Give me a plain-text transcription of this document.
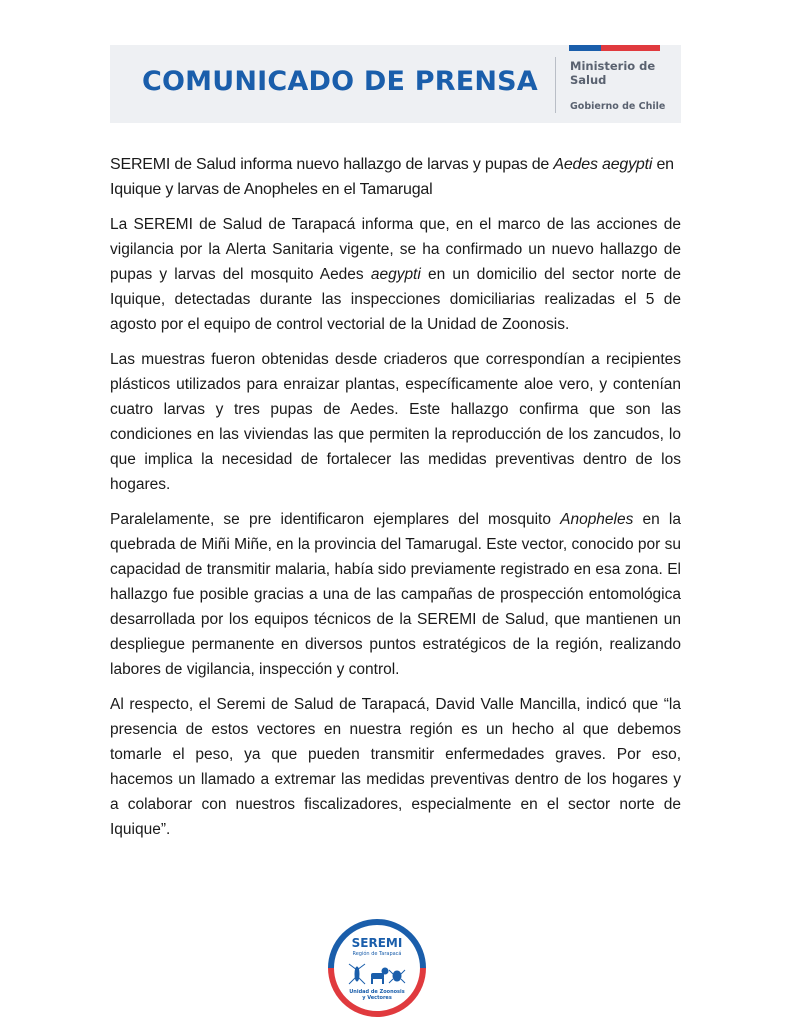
COMUNICADO DE PRENSA	Ministerio de Salud
Gobierno de Chile

SEREMI de Salud informa nuevo hallazgo de larvas y pupas de Aedes aegypti en Iquique y larvas de Anopheles en el Tamarugal

La SEREMI de Salud de Tarapacá informa que, en el marco de las acciones de vigilancia por la Alerta Sanitaria vigente, se ha confirmado un nuevo hallazgo de pupas y larvas del mosquito Aedes aegypti en un domicilio del sector norte de Iquique, detectadas durante las inspecciones domiciliarias realizadas el 5 de agosto por el equipo de control vectorial de la Unidad de Zoonosis.

Las muestras fueron obtenidas desde criaderos que correspondían a recipientes plásticos utilizados para enraizar plantas, específicamente aloe vero, y contenían cuatro larvas y tres pupas de Aedes. Este hallazgo confirma que son las condiciones en las viviendas las que permiten la reproducción de los zancudos, lo que implica la necesidad de fortalecer las medidas preventivas dentro de los hogares.

Paralelamente, se pre identificaron ejemplares del mosquito Anopheles en la quebrada de Miñi Miñe, en la provincia del Tamarugal. Este vector, conocido por su capacidad de transmitir malaria, había sido previamente registrado en esa zona. El hallazgo fue posible gracias a una de las campañas de prospección entomológica desarrollada por los equipos técnicos de la SEREMI de Salud, que mantienen un despliegue permanente en diversos puntos estratégicos de la región, realizando labores de vigilancia, inspección y control.

Al respecto, el Seremi de Salud de Tarapacá, David Valle Mancilla, indicó que “la presencia de estos vectores en nuestra región es un hecho al que debemos tomarle el peso, ya que pueden transmitir enfermedades graves. Por eso, hacemos un llamado a extremar las medidas preventivas dentro de los hogares y a colaborar con nuestros fiscalizadores, especialmente en el sector norte de Iquique”.

SEREMI
Región de Tarapacá
Unidad de Zoonosis
y Vectores
